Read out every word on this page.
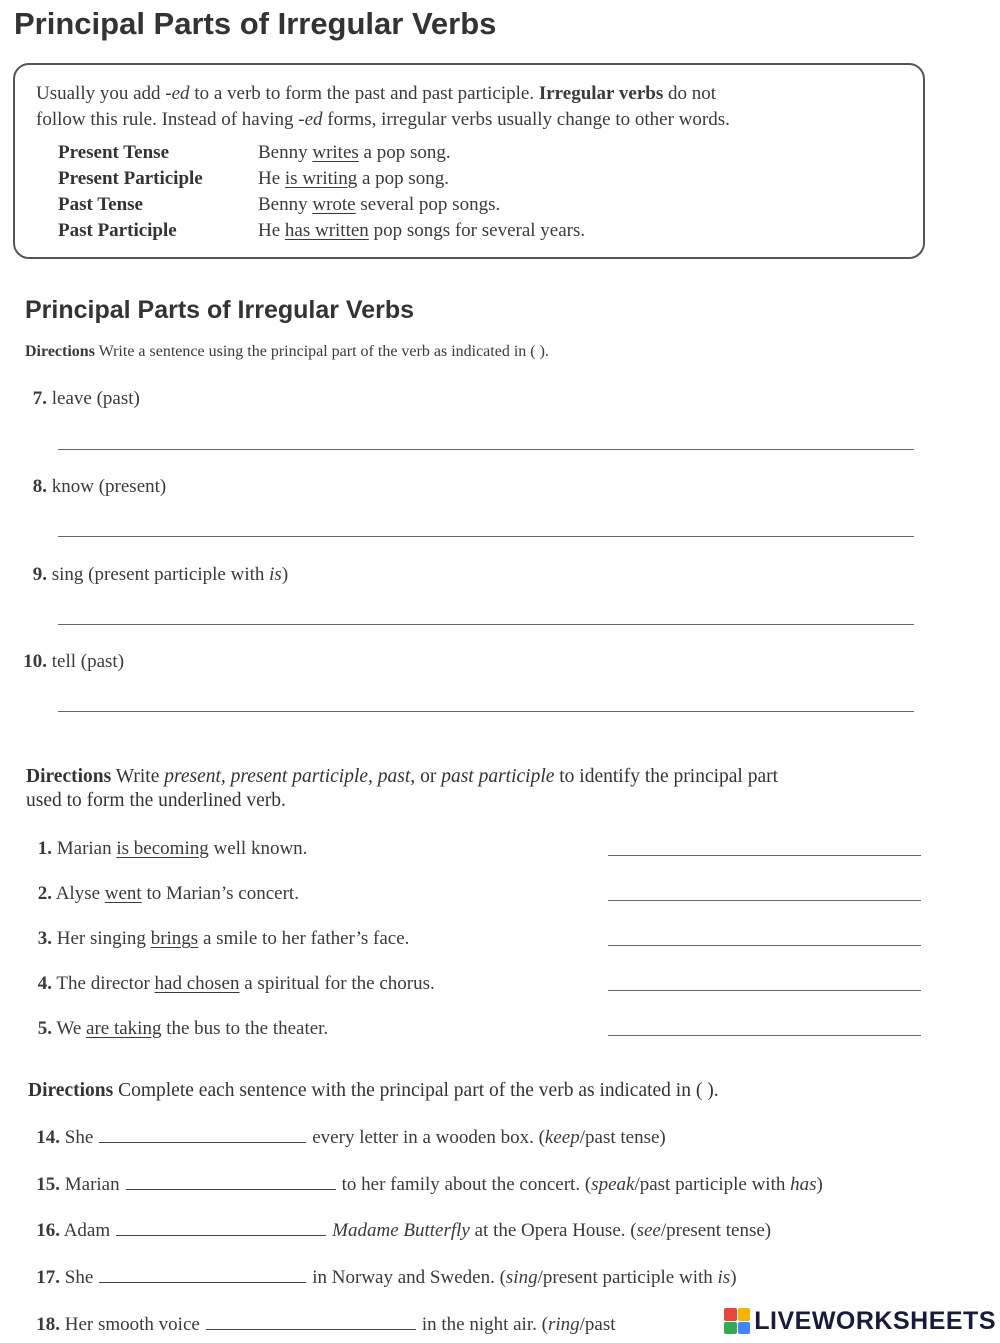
Principal Parts of Irregular Verbs
Usually you add -ed to a verb to form the past and past participle. Irregular verbs do not
follow this rule. Instead of having -ed forms, irregular verbs usually change to other words.
Present Tense	Benny writes a pop song.
Present Participle	He is writing a pop song.
Past Tense	Benny wrote several pop songs.
Past Participle	He has written pop songs for several years.
Principal Parts of Irregular Verbs
Directions Write a sentence using the principal part of the verb as indicated in ( ).
7. leave (past)
8. know (present)
9. sing (present participle with is)
10. tell (past)
Directions Write present, present participle, past, or past participle to identify the principal part
used to form the underlined verb.
1. Marian is becoming well known.
2. Alyse went to Marian’s concert.
3. Her singing brings a smile to her father’s face.
4. The director had chosen a spiritual for the chorus.
5. We are taking the bus to the theater.
Directions Complete each sentence with the principal part of the verb as indicated in ( ).
14. She	every letter in a wooden box. (keep/past tense)
15. Marian	to her family about the concert. (speak/past participle with has)
16. Adam	Madame Butterfly at the Opera House. (see/present tense)
17. She	in Norway and Sweden. (sing/present participle with is)
18. Her smooth voice	in the night air. (ring/past	LIVEWORKSHEETS
